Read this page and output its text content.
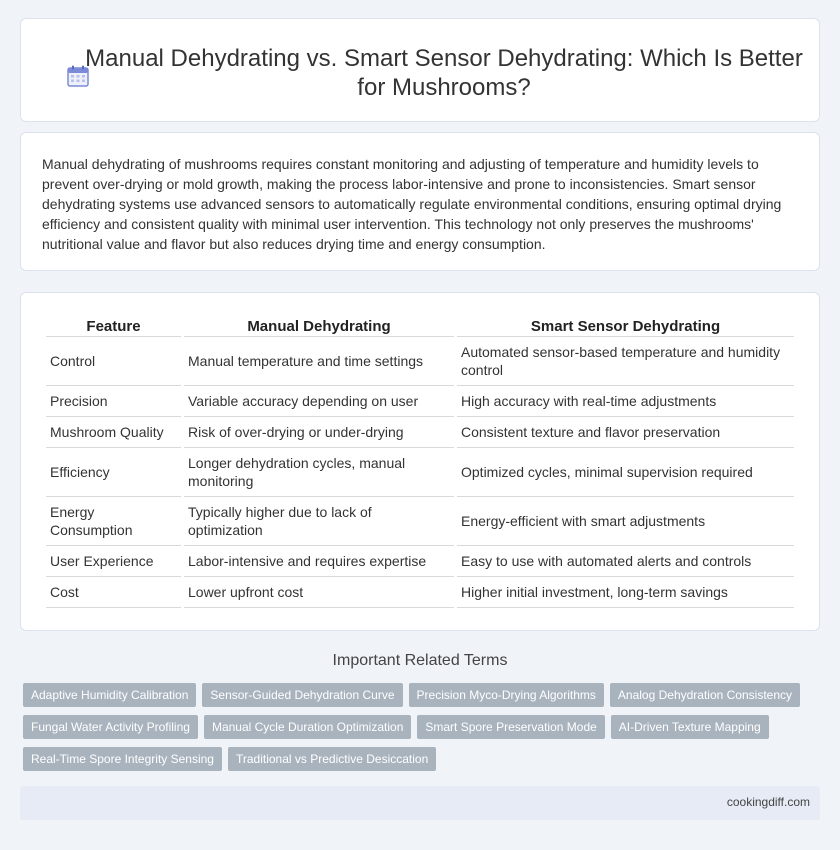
Manual Dehydrating vs. Smart Sensor Dehydrating: Which Is Better for Mushrooms?

Manual dehydrating of mushrooms requires constant monitoring and adjusting of temperature and humidity levels to prevent over-drying or mold growth, making the process labor-intensive and prone to inconsistencies. Smart sensor dehydrating systems use advanced sensors to automatically regulate environmental conditions, ensuring optimal drying efficiency and consistent quality with minimal user intervention. This technology not only preserves the mushrooms' nutritional value and flavor but also reduces drying time and energy consumption.

Feature	Manual Dehydrating	Smart Sensor Dehydrating
Control	Manual temperature and time settings	Automated sensor-based temperature and humidity control
Precision	Variable accuracy depending on user	High accuracy with real-time adjustments
Mushroom Quality	Risk of over-drying or under-drying	Consistent texture and flavor preservation
Efficiency	Longer dehydration cycles, manual monitoring	Optimized cycles, minimal supervision required
Energy Consumption	Typically higher due to lack of optimization	Energy-efficient with smart adjustments
User Experience	Labor-intensive and requires expertise	Easy to use with automated alerts and controls
Cost	Lower upfront cost	Higher initial investment, long-term savings
Important Related Terms
Adaptive Humidity Calibration	Sensor-Guided Dehydration Curve	Precision Myco-Drying Algorithms	Analog Dehydration Consistency
Fungal Water Activity Profiling	Manual Cycle Duration Optimization	Smart Spore Preservation Mode	AI-Driven Texture Mapping
Real-Time Spore Integrity Sensing	Traditional vs Predictive Desiccation
cookingdiff.com
